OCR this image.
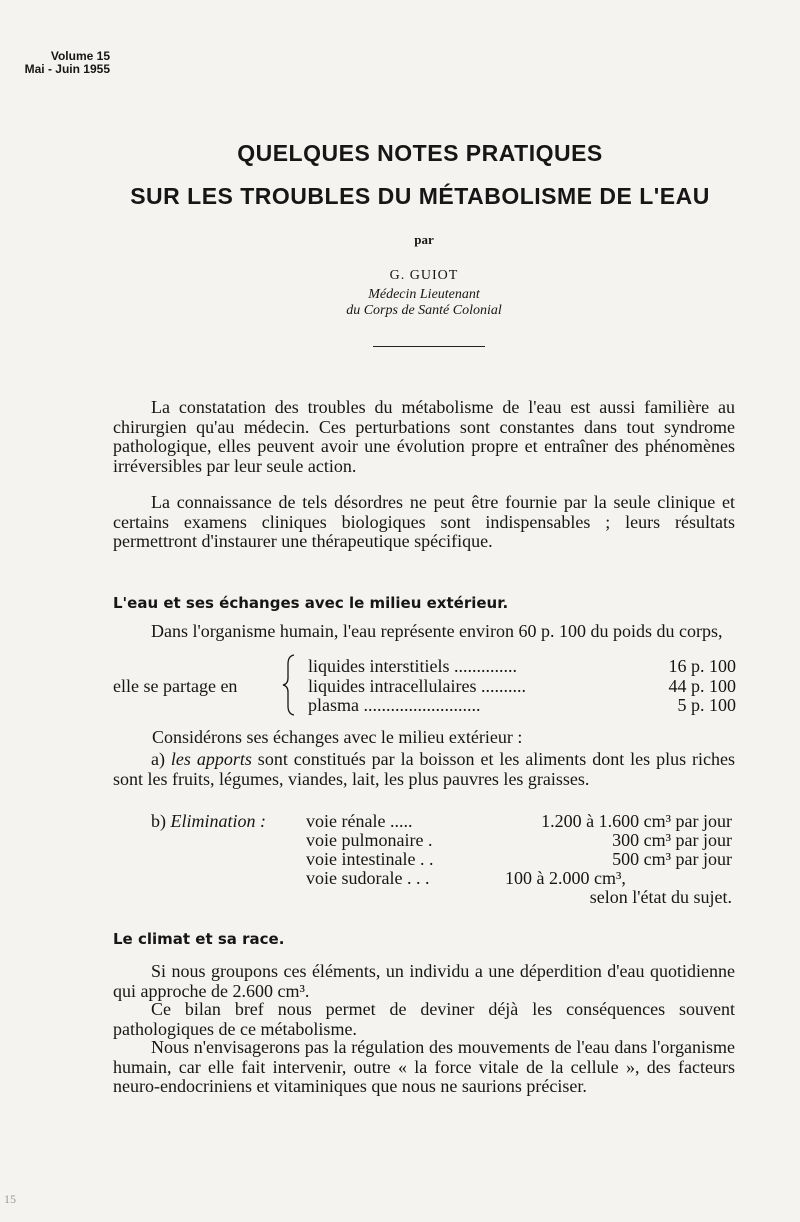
Volume 15
Mai - Juin 1955
QUELQUES NOTES PRATIQUES
SUR LES TROUBLES DU MÉTABOLISME DE L'EAU
par
G. GUIOT
Médecin Lieutenant
du Corps de Santé Colonial
La constatation des troubles du métabolisme de l'eau est aussi familière au chirurgien qu'au médecin. Ces perturbations sont constantes dans tout syndrome pathologique, elles peuvent avoir une évolution propre et entraîner des phénomènes irréversibles par leur seule action.
La connaissance de tels désordres ne peut être fournie par la seule clinique et certains examens cliniques biologiques sont indispensables ; leurs résultats permettront d'instaurer une thérapeutique spécifique.
L'eau et ses échanges avec le milieu extérieur.
Dans l'organisme humain, l'eau représente environ 60 p. 100 du poids du corps,
elle se partage en
liquides interstitiels ..............	16 p. 100
liquides intracellulaires ..........	44 p. 100
plasma ..........................	5 p. 100
Considérons ses échanges avec le milieu extérieur :
a) les apports sont constitués par la boisson et les aliments dont les plus riches sont les fruits, légumes, viandes, lait, les plus pauvres les graisses.
b) Elimination : voie rénale .....	1.200 à 1.600 cm³ par jour
voie pulmonaire .	300 cm³ par jour
voie intestinale . .	500 cm³ par jour
voie sudorale . . .	100 à 2.000 cm³,
selon l'état du sujet.
Le climat et sa race.
Si nous groupons ces éléments, un individu a une déperdition d'eau quotidienne qui approche de 2.600 cm³.
Ce bilan bref nous permet de deviner déjà les conséquences souvent pathologiques de ce métabolisme.
Nous n'envisagerons pas la régulation des mouvements de l'eau dans l'organisme humain, car elle fait intervenir, outre « la force vitale de la cellule », des facteurs neuro-endocriniens et vitaminiques que nous ne saurions préciser.
15
